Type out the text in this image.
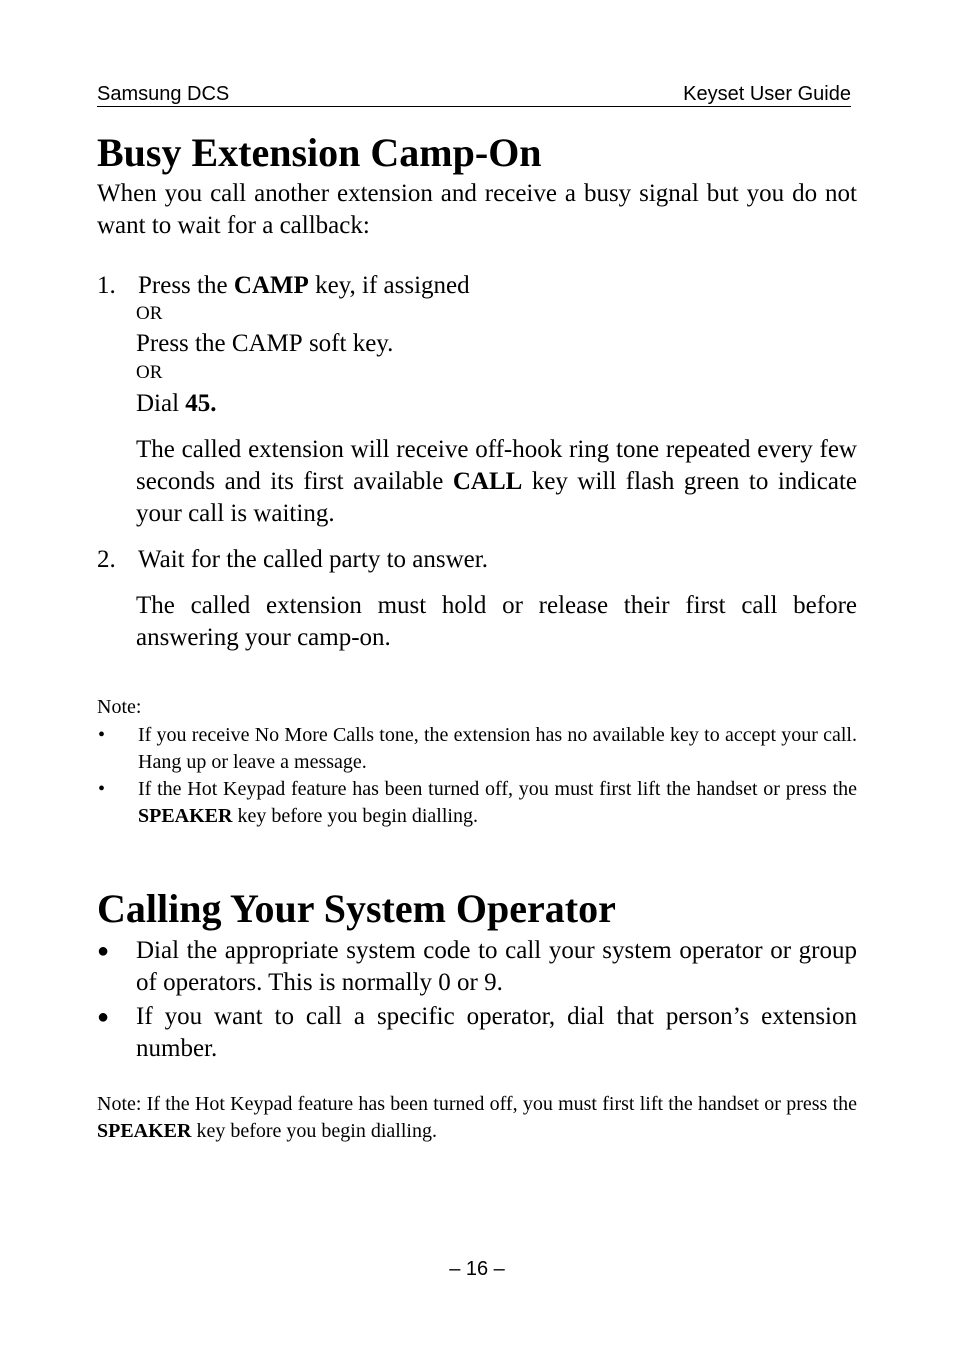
Samsung DCS	Keyset User Guide
Busy Extension Camp-On
When you call another extension and receive a busy signal but you do not want to wait for a callback:
1. Press the CAMP key, if assigned
OR
Press the CAMP soft key.
OR
Dial 45.
The called extension will receive off-hook ring tone repeated every few seconds and its first available CALL key will flash green to indicate your call is waiting.
2. Wait for the called party to answer.
The called extension must hold or release their first call before answering your camp-on.
Note:
• If you receive No More Calls tone, the extension has no available key to accept your call. Hang up or leave a message.
• If the Hot Keypad feature has been turned off, you must first lift the handset or press the SPEAKER key before you begin dialling.
Calling Your System Operator
● Dial the appropriate system code to call your system operator or group of operators. This is normally 0 or 9.
● If you want to call a specific operator, dial that person’s extension number.
Note: If the Hot Keypad feature has been turned off, you must first lift the handset or press the SPEAKER key before you begin dialling.
– 16 –
